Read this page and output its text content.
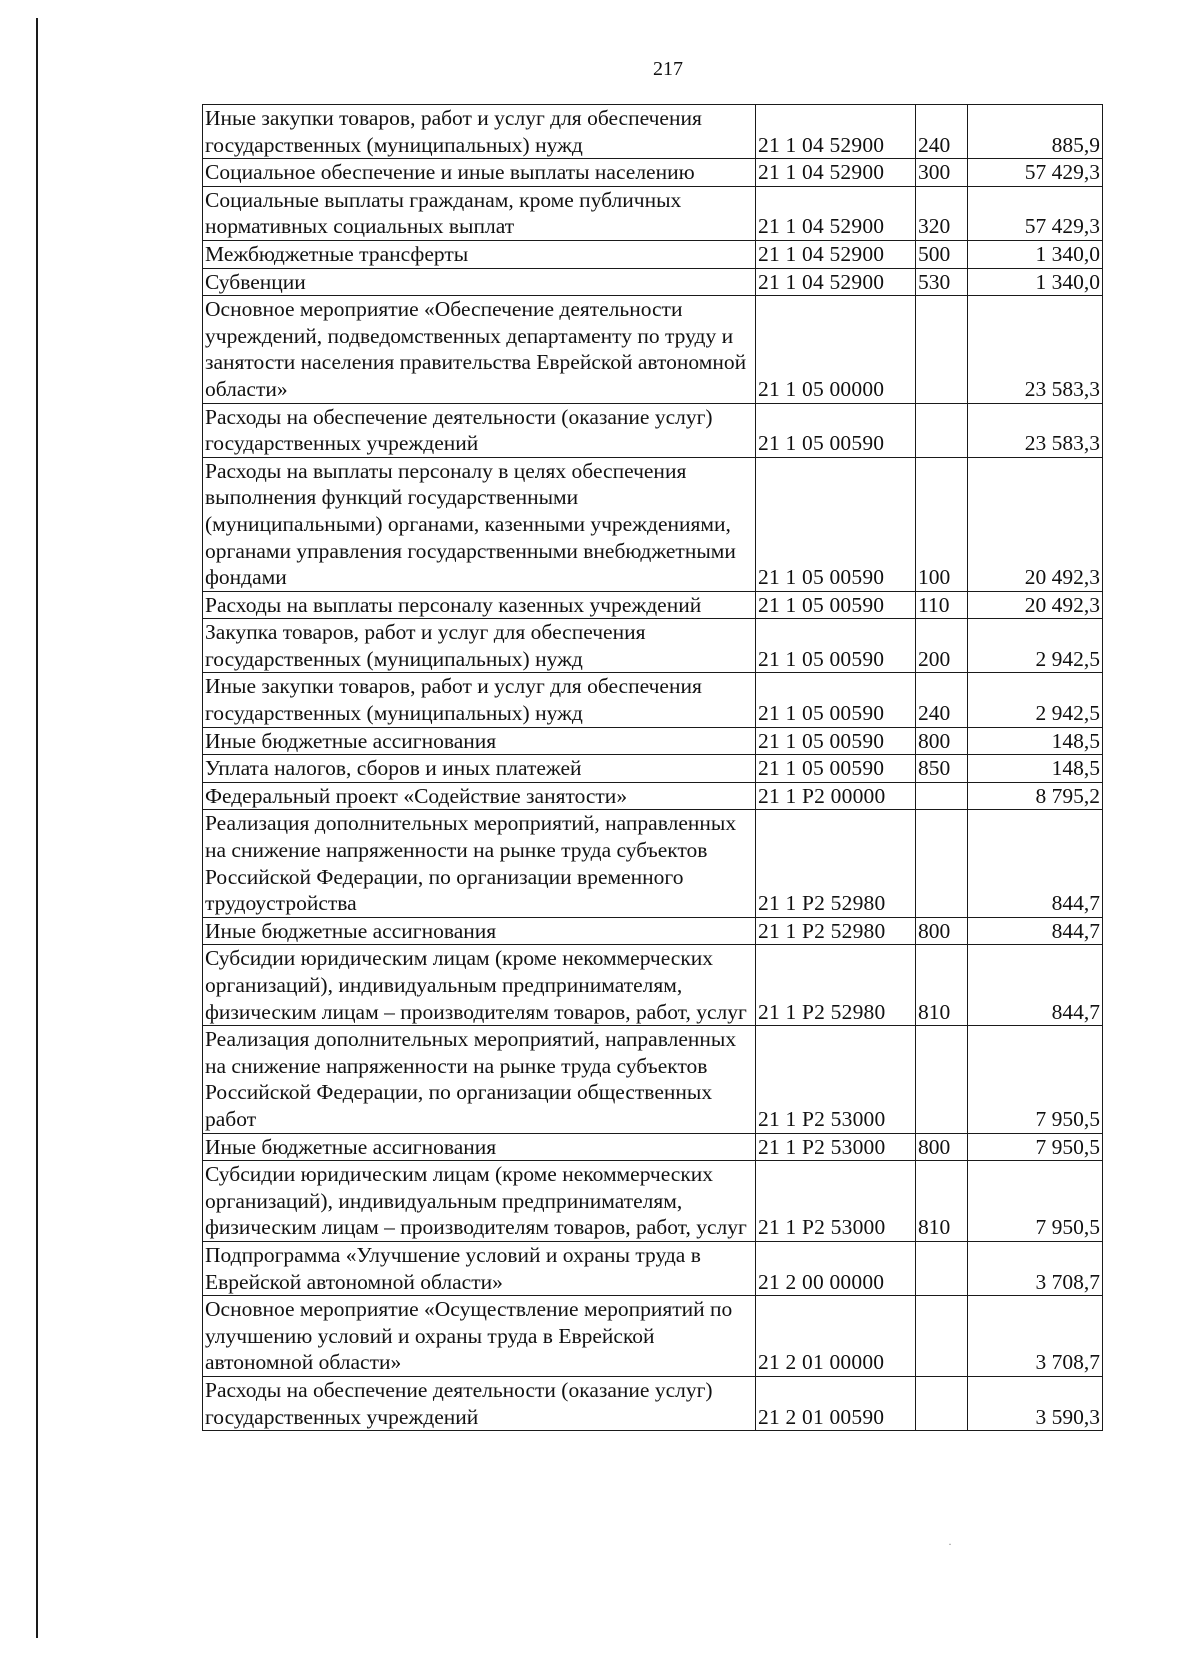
217
Иные закупки товаров, работ и услуг для обеспечения государственных (муниципальных) нужд	21 1 04 52900	240	885,9
Социальное обеспечение и иные выплаты населению	21 1 04 52900	300	57 429,3
Социальные выплаты гражданам, кроме публичных нормативных социальных выплат	21 1 04 52900	320	57 429,3
Межбюджетные трансферты	21 1 04 52900	500	1 340,0
Субвенции	21 1 04 52900	530	1 340,0
Основное мероприятие «Обеспечение деятельности учреждений, подведомственных департаменту по труду и занятости населения правительства Еврейской автономной области»	21 1 05 00000		23 583,3
Расходы на обеспечение деятельности (оказание услуг) государственных учреждений	21 1 05 00590		23 583,3
Расходы на выплаты персоналу в целях обеспечения выполнения функций государственными (муниципальными) органами, казенными учреждениями, органами управления государственными внебюджетными фондами	21 1 05 00590	100	20 492,3
Расходы на выплаты персоналу казенных учреждений	21 1 05 00590	110	20 492,3
Закупка товаров, работ и услуг для обеспечения государственных (муниципальных) нужд	21 1 05 00590	200	2 942,5
Иные закупки товаров, работ и услуг для обеспечения государственных (муниципальных) нужд	21 1 05 00590	240	2 942,5
Иные бюджетные ассигнования	21 1 05 00590	800	148,5
Уплата налогов, сборов и иных платежей	21 1 05 00590	850	148,5
Федеральный проект «Содействие занятости»	21 1 P2 00000		8 795,2
Реализация дополнительных мероприятий, направленных на снижение напряженности на рынке труда субъектов Российской Федерации, по организации временного трудоустройства	21 1 P2 52980		844,7
Иные бюджетные ассигнования	21 1 P2 52980	800	844,7
Субсидии юридическим лицам (кроме некоммерческих организаций), индивидуальным предпринимателям, физическим лицам – производителям товаров, работ, услуг	21 1 P2 52980	810	844,7
Реализация дополнительных мероприятий, направленных на снижение напряженности на рынке труда субъектов Российской Федерации, по организации общественных работ	21 1 P2 53000		7 950,5
Иные бюджетные ассигнования	21 1 P2 53000	800	7 950,5
Субсидии юридическим лицам (кроме некоммерческих организаций), индивидуальным предпринимателям, физическим лицам – производителям товаров, работ, услуг	21 1 P2 53000	810	7 950,5
Подпрограмма «Улучшение условий и охраны труда в Еврейской автономной области»	21 2 00 00000		3 708,7
Основное мероприятие «Осуществление мероприятий по улучшению условий и охраны труда в Еврейской автономной области»	21 2 01 00000		3 708,7
Расходы на обеспечение деятельности (оказание услуг) государственных учреждений	21 2 01 00590		3 590,3
·
